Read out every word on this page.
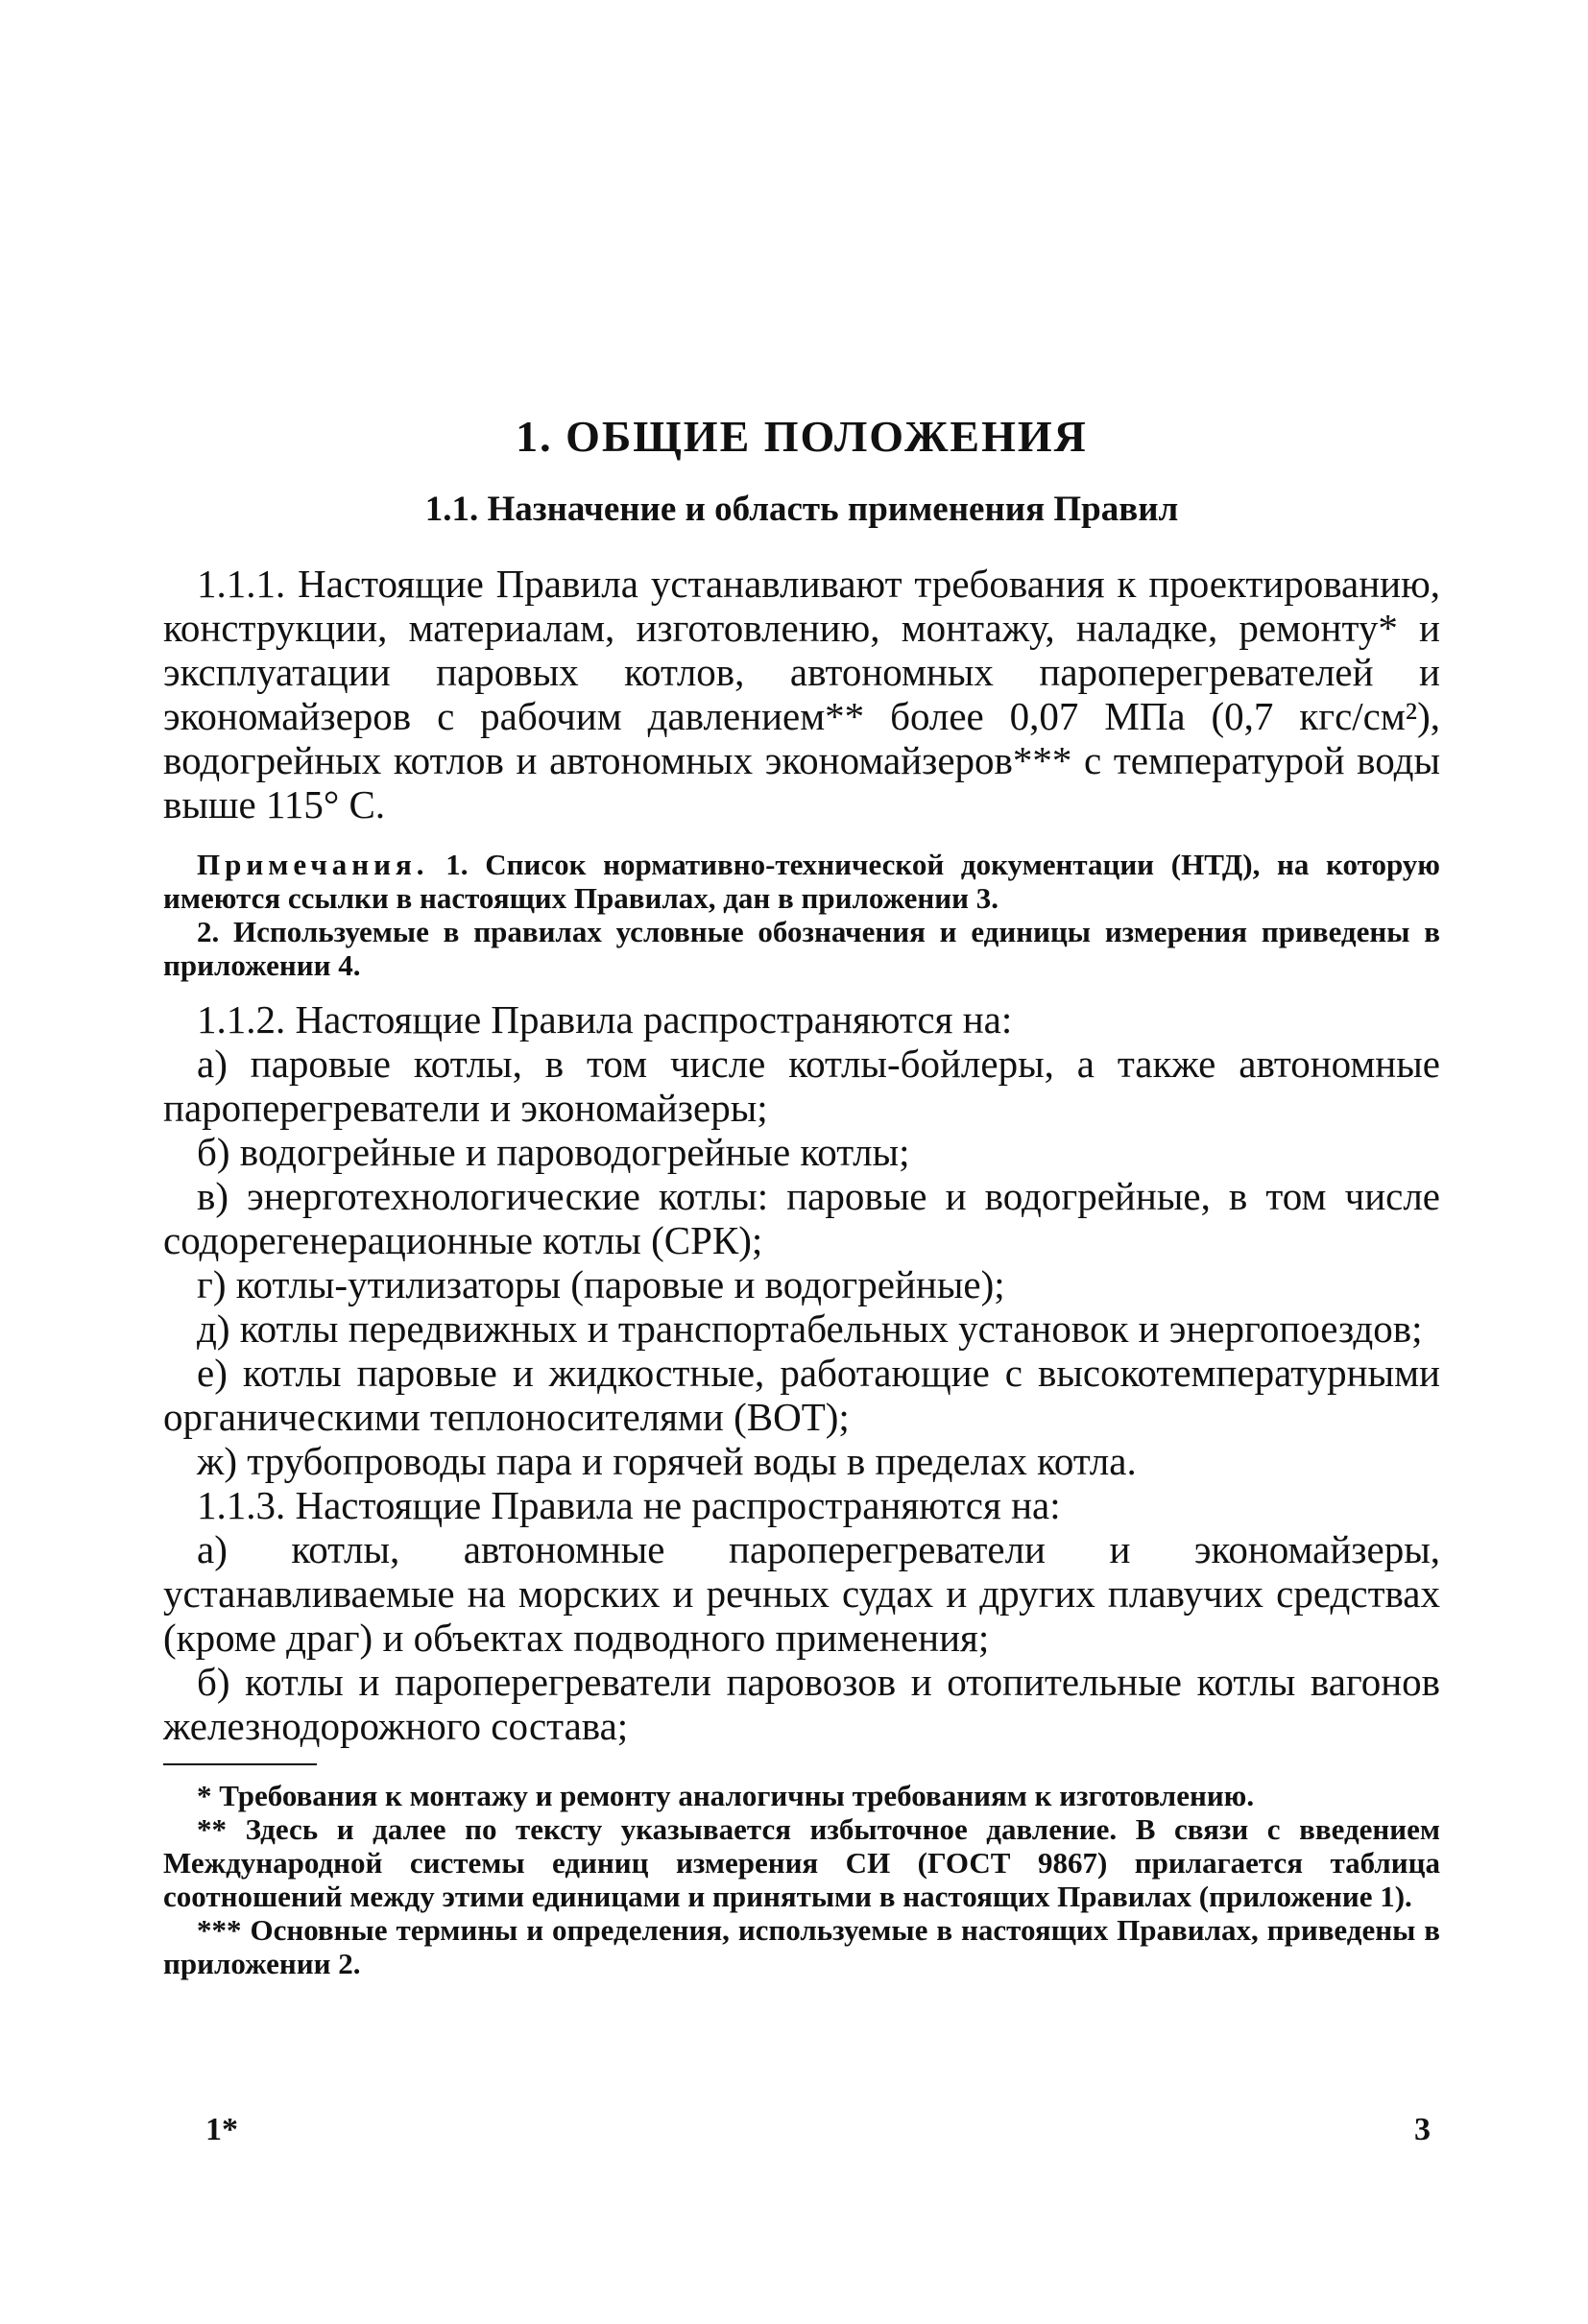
1. ОБЩИЕ ПОЛОЖЕНИЯ
1.1. Назначение и область применения Правил

1.1.1. Настоящие Правила устанавливают требования к проектированию, конструкции, материалам, изготовлению, монтажу, наладке, ремонту* и эксплуатации паровых котлов, автономных пароперегревателей и экономайзеров с рабочим давлением** более 0,07 МПа (0,7 кгс/см²), водогрейных котлов и автономных экономайзеров*** с температурой воды выше 115° С.

Примечания. 1. Список нормативно-технической документации (НТД), на которую имеются ссылки в настоящих Правилах, дан в приложении 3.

2. Используемые в правилах условные обозначения и единицы измерения приведены в приложении 4.

1.1.2. Настоящие Правила распространяются на:

а) паровые котлы, в том числе котлы-бойлеры, а также автономные пароперегреватели и экономайзеры;

б) водогрейные и пароводогрейные котлы;

в) энерготехнологические котлы: паровые и водогрейные, в том числе содорегенерационные котлы (СРК);

г) котлы-утилизаторы (паровые и водогрейные);

д) котлы передвижных и транспортабельных установок и энергопоездов;

е) котлы паровые и жидкостные, работающие с высокотемпературными органическими теплоносителями (ВОТ);

ж) трубопроводы пара и горячей воды в пределах котла.

1.1.3. Настоящие Правила не распространяются на:

а) котлы, автономные пароперегреватели и экономайзеры, устанавливаемые на морских и речных судах и других плавучих средствах (кроме драг) и объектах подводного применения;

б) котлы и пароперегреватели паровозов и отопительные котлы вагонов железнодорожного состава;

* Требования к монтажу и ремонту аналогичны требованиям к изготовлению.

** Здесь и далее по тексту указывается избыточное давление. В связи с введением Международной системы единиц измерения СИ (ГОСТ 9867) прилагается таблица соотношений между этими единицами и принятыми в настоящих Правилах (приложение 1).

*** Основные термины и определения, используемые в настоящих Правилах, приведены в приложении 2.

1*	3
